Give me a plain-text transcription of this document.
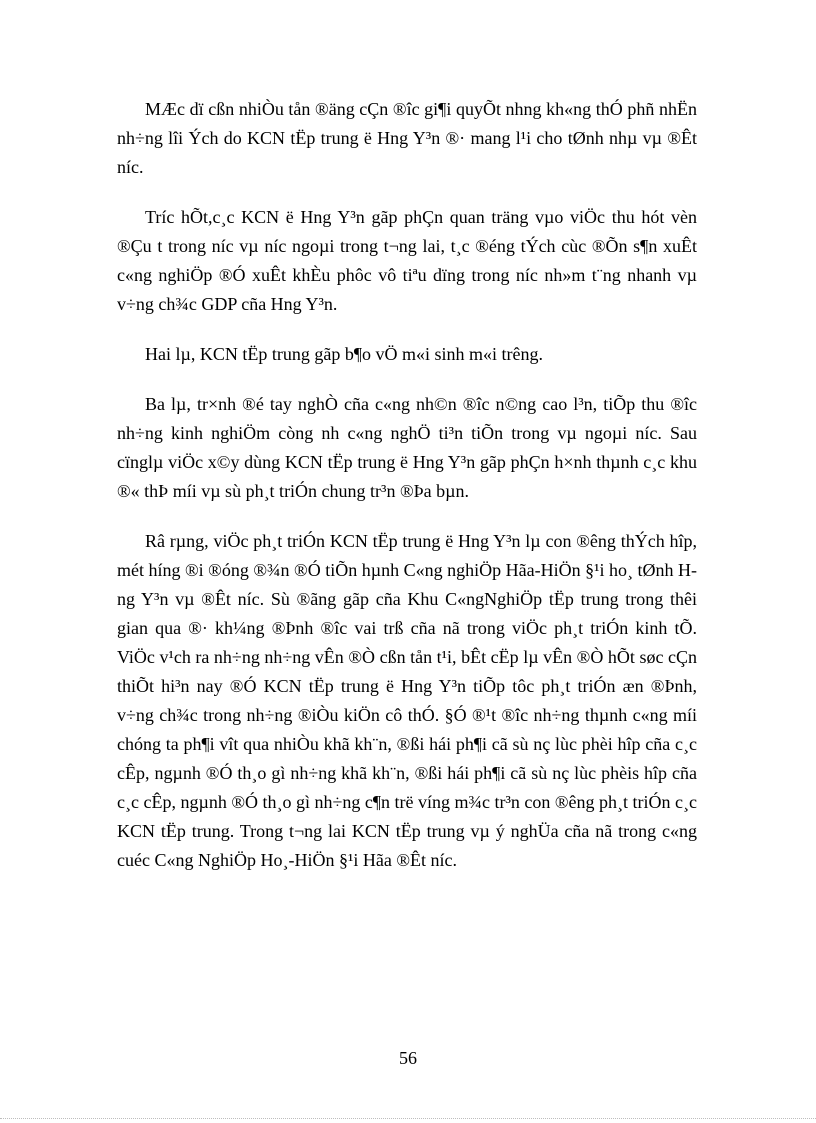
MÆc dï cßn nhiÒu tån ®äng cÇn ®îc gi¶i quyÕt nhng kh«ng thÓ phñ nhËn nh÷ng lîi Ých do KCN tËp trung ë Hng Y³n ®· mang l¹i cho tØnh nhµ vµ ®Êt níc.

Tríc hÕt,c¸c KCN ë Hng Y³n gãp phÇn quan träng vµo viÖc thu hót vèn ®Çu t trong níc vµ níc ngoµi trong t¬ng lai, t¸c ®éng tÝch cùc ®Õn s¶n xuÊt c«ng nghiÖp ®Ó xuÊt khÈu phôc vô tiªu dïng trong níc nh»m t¨ng nhanh vµ v÷ng ch¾c GDP cña Hng Y³n.

Hai lµ, KCN tËp trung gãp b¶o vÖ m«i sinh m«i trêng.

Ba lµ, tr×nh ®é tay nghÒ cña c«ng nh©n ®îc n©ng cao l³n, tiÕp thu ®îc nh÷ng kinh nghiÖm còng nh c«ng nghÖ ti³n tiÕn trong vµ ngoµi níc. Sau cïnglµ viÖc x©y dùng KCN tËp trung ë Hng Y³n gãp phÇn h×nh thµnh c¸c khu ®« thÞ míi vµ sù ph¸t triÓn chung tr³n ®Þa bµn.

Râ rµng, viÖc ph¸t triÓn KCN tËp trung ë Hng Y³n lµ con ®êng thÝch hîp, mét híng ®i ®óng ®¾n ®Ó tiÕn hµnh C«ng nghiÖp Hãa-HiÖn §¹i ho¸ tØnh Hng Y³n vµ ®Êt níc. Sù ®ãng gãp cña Khu C«ngNghiÖp tËp trung trong thêi gian qua ®· kh¼ng ®Þnh ®îc vai trß cña nã trong viÖc ph¸t triÓn kinh tÕ. ViÖc v¹ch ra nh÷ng nh÷ng vÊn ®Ò cßn tån t¹i, bÊt cËp lµ vÊn ®Ò hÕt søc cÇn thiÕt hi³n nay ®Ó KCN tËp trung ë Hng Y³n tiÕp tôc ph¸t triÓn æn ®Þnh, v÷ng ch¾c trong nh÷ng ®iÒu kiÖn cô thÓ. §Ó ®¹t ®îc nh÷ng thµnh c«ng míi chóng ta ph¶i vît qua nhiÒu khã kh¨n, ®ßi hái ph¶i cã sù nç lùc phèi hîp cña c¸c cÊp, ngµnh ®Ó th¸o gì nh÷ng khã kh¨n, ®ßi hái ph¶i cã sù nç lùc phèis hîp cña c¸c cÊp, ngµnh ®Ó th¸o gì nh÷ng c¶n trë víng m¾c tr³n con ®êng ph¸t triÓn c¸c KCN tËp trung. Trong t¬ng lai KCN tËp trung vµ ý nghÜa cña nã trong c«ng cuéc C«ng NghiÖp Ho¸-HiÖn §¹i Hãa ®Êt níc.

56
